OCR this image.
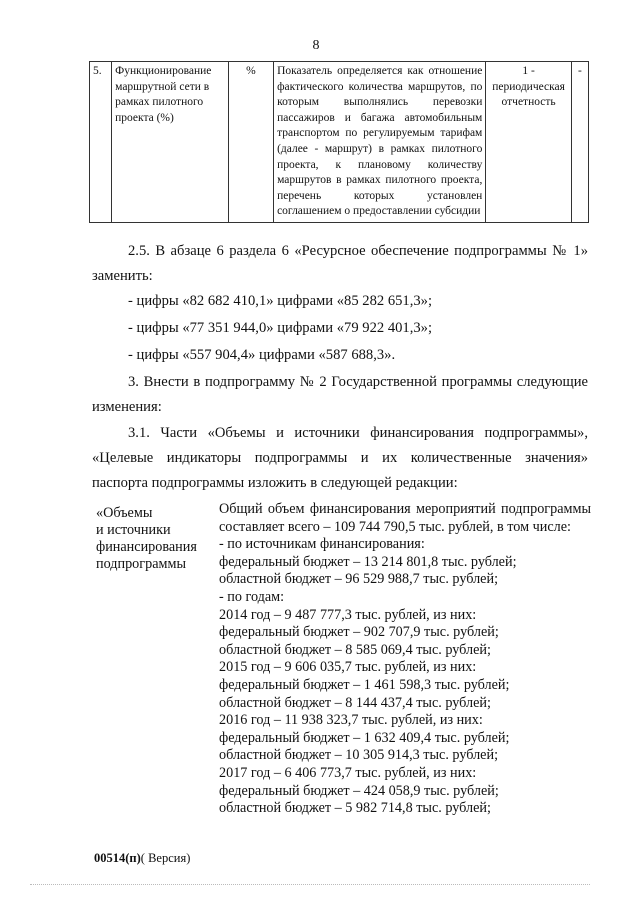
8
5.	Функционирование маршрутной сети в рамках пилотного проекта (%)	%	Показатель определяется как отношение фактического количества маршрутов, по которым выполнялись перевозки пассажиров и багажа автомобильным транспортом по регулируемым тарифам (далее - маршрут) в рамках пилотного проекта, к плановому количеству маршрутов в рамках пилотного проекта, перечень которых установлен соглашением о предоставлении субсидии	1 - периодическая отчетность	-
2.5. В абзаце 6 раздела 6 «Ресурсное обеспечение подпрограммы № 1» заменить:
- цифры «82 682 410,1» цифрами «85 282 651,3»;
- цифры «77 351 944,0» цифрами «79 922 401,3»;
- цифры «557 904,4» цифрами «587 688,3».
3. Внести в подпрограмму № 2 Государственной программы следующие изменения:
3.1. Части «Объемы и источники финансирования подпрограммы», «Целевые индикаторы подпрограммы и их количественные значения» паспорта подпрограммы изложить в следующей редакции:
«Объемы
и источники
финансирования
подпрограммы
Общий объем финансирования мероприятий подпрограммы составляет всего – 109 744 790,5 тыс. рублей, в том числе:
- по источникам финансирования:
федеральный бюджет – 13 214 801,8 тыс. рублей;
областной бюджет – 96 529 988,7 тыс. рублей;
- по годам:
2014 год – 9 487 777,3 тыс. рублей, из них:
федеральный бюджет – 902 707,9 тыс. рублей;
областной бюджет – 8 585 069,4 тыс. рублей;
2015 год – 9 606 035,7 тыс. рублей, из них:
федеральный бюджет – 1 461 598,3 тыс. рублей;
областной бюджет – 8 144 437,4 тыс. рублей;
2016 год – 11 938 323,7 тыс. рублей, из них:
федеральный бюджет – 1 632 409,4 тыс. рублей;
областной бюджет – 10 305 914,3 тыс. рублей;
2017 год – 6 406 773,7 тыс. рублей, из них:
федеральный бюджет – 424 058,9 тыс. рублей;
областной бюджет – 5 982 714,8 тыс. рублей;
00514(п)( Версия)
